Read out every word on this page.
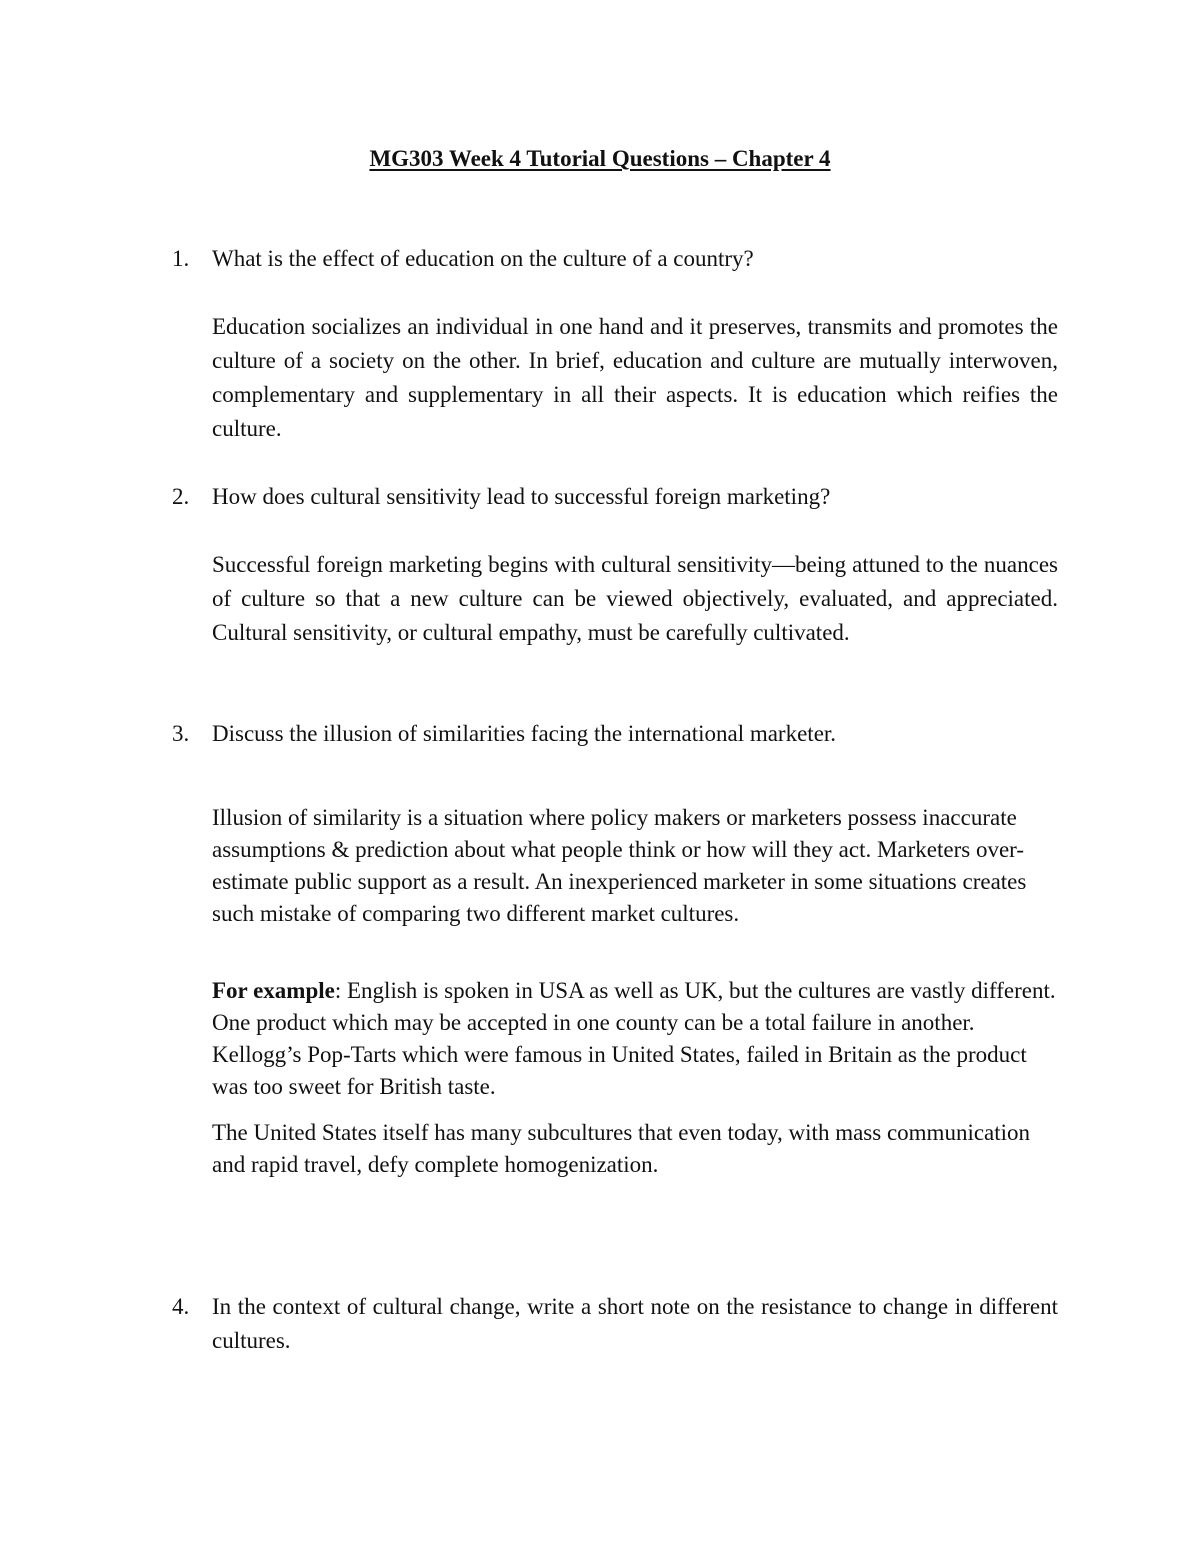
MG303 Week 4 Tutorial Questions – Chapter 4
1. What is the effect of education on the culture of a country?

Education socializes an individual in one hand and it preserves, transmits and promotes the culture of a society on the other. In brief, education and culture are mutually interwoven, complementary and supplementary in all their aspects. It is education which reifies the culture.

2. How does cultural sensitivity lead to successful foreign marketing?

Successful foreign marketing begins with cultural sensitivity—being attuned to the nuances of culture so that a new culture can be viewed objectively, evaluated, and appreciated. Cultural sensitivity, or cultural empathy, must be carefully cultivated.

3. Discuss the illusion of similarities facing the international marketer.

Illusion of similarity is a situation where policy makers or marketers possess inaccurate assumptions & prediction about what people think or how will they act. Marketers over-estimate public support as a result. An inexperienced marketer in some situations creates such mistake of comparing two different market cultures.

For example: English is spoken in USA as well as UK, but the cultures are vastly different. One product which may be accepted in one county can be a total failure in another. Kellogg’s Pop-Tarts which were famous in United States, failed in Britain as the product was too sweet for British taste.

The United States itself has many subcultures that even today, with mass communication and rapid travel, defy complete homogenization.

4. In the context of cultural change, write a short note on the resistance to change in different cultures.
